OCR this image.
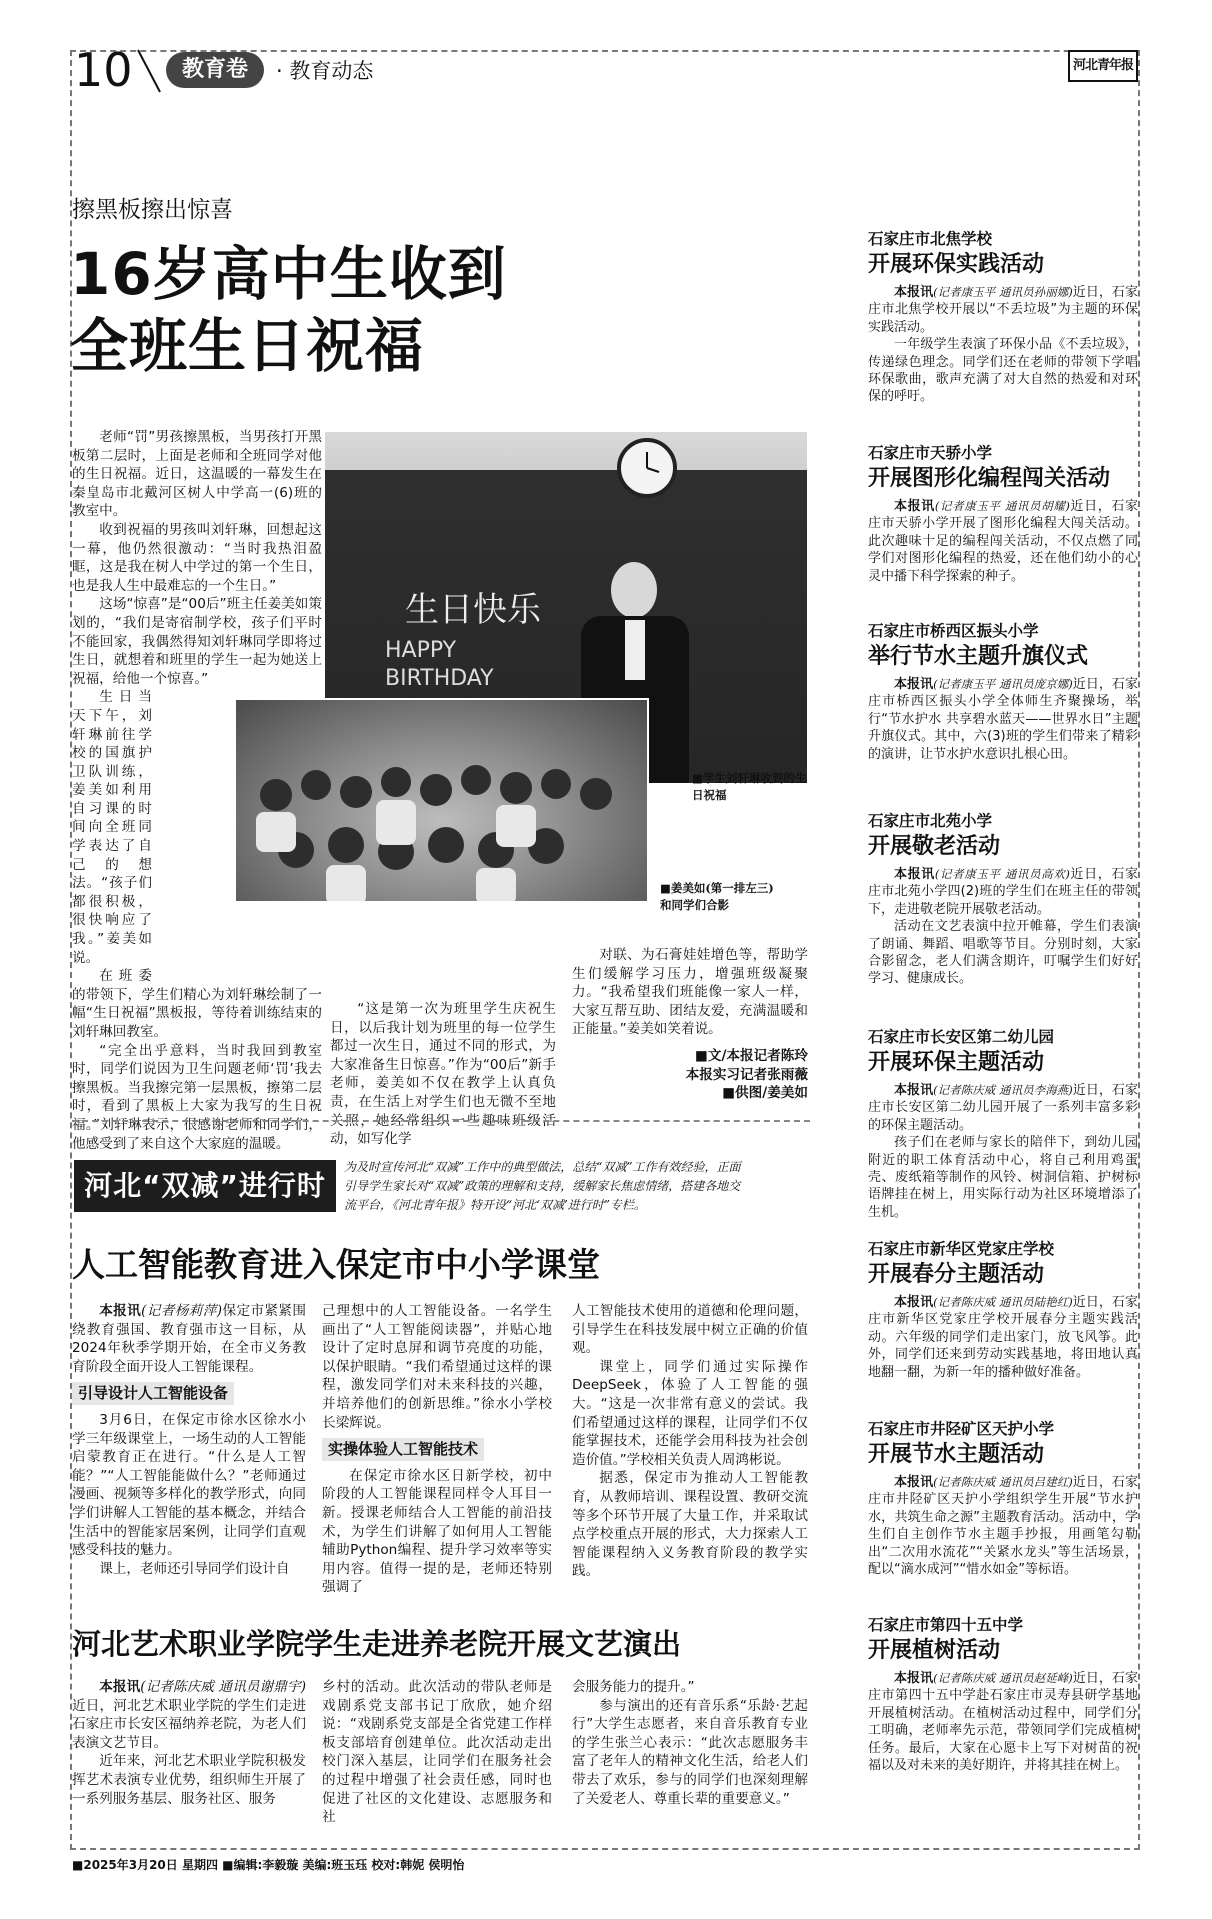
10	教育卷	· 教育动态	河北青年报
擦黑板擦出惊喜
16岁高中生收到
全班生日祝福

老师“罚”男孩擦黑板，当男孩打开黑板第二层时，上面是老师和全班同学对他的生日祝福。近日，这温暖的一幕发生在秦皇岛市北戴河区树人中学高一(6)班的教室中。

收到祝福的男孩叫刘轩琳，回想起这一幕，他仍然很激动：“当时我热泪盈眶，这是我在树人中学过的第一个生日，也是我人生中最难忘的一个生日。”

这场“惊喜”是“00后”班主任姜美如策划的，“我们是寄宿制学校，孩子们平时不能回家，我偶然得知刘轩琳同学即将过生日，就想着和班里的学生一起为她送上祝福，给他一个惊喜。”

生日当天下午，刘轩琳前往学校的国旗护卫队训练，姜美如利用自习课的时间向全班同学表达了自己的想法。“孩子们都很积极，很快响应了我。”姜美如说。

在班委的带领下，学生们精心为刘轩琳绘制了一幅“生日祝福”黑板报，等待着训练结束的刘轩琳回教室。

“完全出乎意料，当时我回到教室时，同学们说因为卫生问题老师‘罚’我去擦黑板。当我擦完第一层黑板，擦第二层时，看到了黑板上大家为我写的生日祝福。”刘轩琳表示，很感谢老师和同学们，他感受到了来自这个大家庭的温暖。

生日快乐
HAPPY
BIRTHDAY
■学生刘轩琳收到的生日祝福
■姜美如(第一排左三)和同学们合影

“这是第一次为班里学生庆祝生日，以后我计划为班里的每一位学生都过一次生日，通过不同的形式，为大家准备生日惊喜。”作为“00后”新手老师，姜美如不仅在教学上认真负责，在生活上对学生们也无微不至地关照，她经常组织一些趣味班级活动，如写化学

对联、为石膏娃娃增色等，帮助学生们缓解学习压力，增强班级凝聚力。“我希望我们班能像一家人一样，大家互帮互助、团结友爱，充满温暖和正能量。”姜美如笑着说。

■文/本报记者陈玲
本报实习记者张雨薇
■供图/姜美如
河北“双减”进行时
为及时宣传河北“双减”工作中的典型做法，总结“双减”工作有效经验，正面引导学生家长对“双减”政策的理解和支持，缓解家长焦虑情绪，搭建各地交流平台，《河北青年报》特开设“河北‘双减’进行时”专栏。
人工智能教育进入保定市中小学课堂

本报讯(记者杨莉萍)保定市紧紧围绕教育强国、教育强市这一目标，从2024年秋季学期开始，在全市义务教育阶段全面开设人工智能课程。

引导设计人工智能设备

3月6日，在保定市徐水区徐水小学三年级课堂上，一场生动的人工智能启蒙教育正在进行。“什么是人工智能？”“人工智能能做什么？”老师通过漫画、视频等多样化的教学形式，向同学们讲解人工智能的基本概念，并结合生活中的智能家居案例，让同学们直观感受科技的魅力。

课上，老师还引导同学们设计自

己理想中的人工智能设备。一名学生画出了“人工智能阅读器”，并贴心地设计了定时息屏和调节亮度的功能，以保护眼睛。“我们希望通过这样的课程，激发同学们对未来科技的兴趣，并培养他们的创新思维。”徐水小学校长梁辉说。

实操体验人工智能技术

在保定市徐水区日新学校，初中阶段的人工智能课程同样令人耳目一新。授课老师结合人工智能的前沿技术，为学生们讲解了如何用人工智能辅助Python编程、提升学习效率等实用内容。值得一提的是，老师还特别强调了

人工智能技术使用的道德和伦理问题，引导学生在科技发展中树立正确的价值观。

课堂上，同学们通过实际操作DeepSeek，体验了人工智能的强大。“这是一次非常有意义的尝试。我们希望通过这样的课程，让同学们不仅能掌握技术，还能学会用科技为社会创造价值。”学校相关负责人周鸿彬说。

据悉，保定市为推动人工智能教育，从教师培训、课程设置、教研交流等多个环节开展了大量工作，并采取试点学校重点开展的形式，大力探索人工智能课程纳入义务教育阶段的教学实践。

河北艺术职业学院学生走进养老院开展文艺演出

本报讯(记者陈庆威 通讯员谢鼎宇)近日，河北艺术职业学院的学生们走进石家庄市长安区福纳养老院，为老人们表演文艺节目。

近年来，河北艺术职业学院积极发挥艺术表演专业优势，组织师生开展了一系列服务基层、服务社区、服务

乡村的活动。此次活动的带队老师是戏剧系党支部书记丁欣欣，她介绍说：“戏剧系党支部是全省党建工作样板支部培育创建单位。此次活动走出校门深入基层，让同学们在服务社会的过程中增强了社会责任感，同时也促进了社区的文化建设、志愿服务和社

会服务能力的提升。”

参与演出的还有音乐系“乐龄·艺起行”大学生志愿者，来自音乐教育专业的学生张兰心表示：“此次志愿服务丰富了老年人的精神文化生活，给老人们带去了欢乐，参与的同学们也深刻理解了关爱老人、尊重长辈的重要意义。”

石家庄市北焦学校
开展环保实践活动

本报讯(记者康玉平 通讯员孙丽娜)近日，石家庄市北焦学校开展以“不丢垃圾”为主题的环保实践活动。

一年级学生表演了环保小品《不丢垃圾》，传递绿色理念。同学们还在老师的带领下学唱环保歌曲，歌声充满了对大自然的热爱和对环保的呼吁。

石家庄市天骄小学
开展图形化编程闯关活动

本报讯(记者康玉平 通讯员胡耀)近日，石家庄市天骄小学开展了图形化编程大闯关活动。此次趣味十足的编程闯关活动，不仅点燃了同学们对图形化编程的热爱，还在他们幼小的心灵中播下科学探索的种子。

石家庄市桥西区振头小学
举行节水主题升旗仪式

本报讯(记者康玉平 通讯员庞京娜)近日，石家庄市桥西区振头小学全体师生齐聚操场，举行“节水护水 共享碧水蓝天——世界水日”主题升旗仪式。其中，六(3)班的学生们带来了精彩的演讲，让节水护水意识扎根心田。

石家庄市北苑小学
开展敬老活动

本报讯(记者康玉平 通讯员高欢)近日，石家庄市北苑小学四(2)班的学生们在班主任的带领下，走进敬老院开展敬老活动。

活动在文艺表演中拉开帷幕，学生们表演了朗诵、舞蹈、唱歌等节目。分别时刻，大家合影留念，老人们满含期许，叮嘱学生们好好学习、健康成长。

石家庄市长安区第二幼儿园
开展环保主题活动

本报讯(记者陈庆威 通讯员李海燕)近日，石家庄市长安区第二幼儿园开展了一系列丰富多彩的环保主题活动。

孩子们在老师与家长的陪伴下，到幼儿园附近的职工体育活动中心，将自己利用鸡蛋壳、废纸箱等制作的风铃、树洞信箱、护树标语牌挂在树上，用实际行动为社区环境增添了生机。

石家庄市新华区党家庄学校
开展春分主题活动

本报讯(记者陈庆威 通讯员陆艳红)近日，石家庄市新华区党家庄学校开展春分主题实践活动。六年级的同学们走出家门，放飞风筝。此外，同学们还来到劳动实践基地，将田地认真地翻一翻，为新一年的播种做好准备。

石家庄市井陉矿区天护小学
开展节水主题活动

本报讯(记者陈庆威 通讯员吕建红)近日，石家庄市井陉矿区天护小学组织学生开展“节水护水，共筑生命之源”主题教育活动。活动中，学生们自主创作节水主题手抄报，用画笔勾勒出“二次用水流花”“关紧水龙头”等生活场景，配以“滴水成河”“惜水如金”等标语。

石家庄市第四十五中学
开展植树活动

本报讯(记者陈庆威 通讯员赵延峰)近日，石家庄市第四十五中学赴石家庄市灵寿县研学基地开展植树活动。在植树活动过程中，同学们分工明确，老师率先示范，带领同学们完成植树任务。最后，大家在心愿卡上写下对树苗的祝福以及对未来的美好期许，并将其挂在树上。

■2025年3月20日 星期四 ■编辑:李毅璇 美编:班玉珏 校对:韩妮 侯明怡
